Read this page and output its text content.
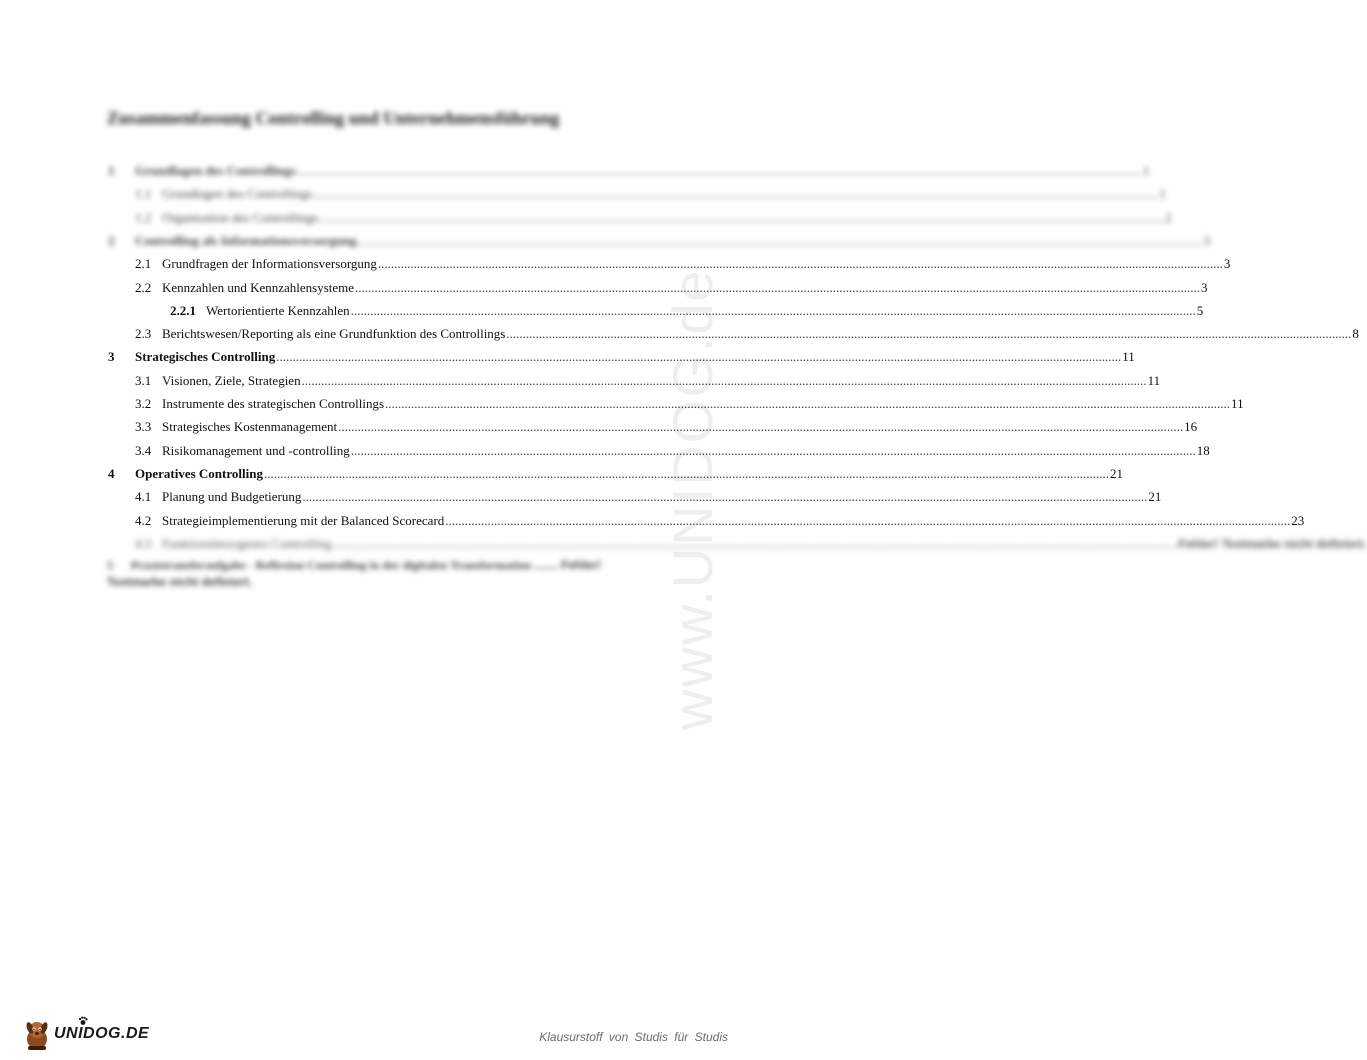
www.UNIDOG.de
Zusammenfassung Controlling und Unternehmensführung
1 Grundlagen des Controllings .................................................................................................................................................................................................................................................................... 1
1.1 Grundlagen des Controllings .................................................................................................................................................................................................................................................................... 1
1.2 Organisation des Controllings .................................................................................................................................................................................................................................................................... 2
2 Controlling als Informationsversorgung .................................................................................................................................................................................................................................................................... 3
2.1 Grundfragen der Informationsversorgung .................................................................................................................................................................................................................................................................... 3
2.2 Kennzahlen und Kennzahlensysteme .................................................................................................................................................................................................................................................................... 3
2.2.1 Wertorientierte Kennzahlen .................................................................................................................................................................................................................................................................... 5
2.3 Berichtswesen/Reporting als eine Grundfunktion des Controllings .................................................................................................................................................................................................................................................................... 8
3 Strategisches Controlling .................................................................................................................................................................................................................................................................... 11
3.1 Visionen, Ziele, Strategien .................................................................................................................................................................................................................................................................... 11
3.2 Instrumente des strategischen Controllings .................................................................................................................................................................................................................................................................... 11
3.3 Strategisches Kostenmanagement .................................................................................................................................................................................................................................................................... 16
3.4 Risikomanagement und -controlling .................................................................................................................................................................................................................................................................... 18
4 Operatives Controlling .................................................................................................................................................................................................................................................................... 21
4.1 Planung und Budgetierung .................................................................................................................................................................................................................................................................... 21
4.2 Strategieimplementierung mit der Balanced Scorecard .................................................................................................................................................................................................................................................................... 23
4.3 Funktionsbezogenes Controlling .................................................................................................................................................................................................................................................................... Fehler! Textmarke nicht definiert.
5 Praxistransferaufgabe - Reflexion Controlling in der digitalen Transformation ........ Fehler! Textmarke nicht definiert.
UNIDOG.DE	Klausurstoff von Studis für Studis
